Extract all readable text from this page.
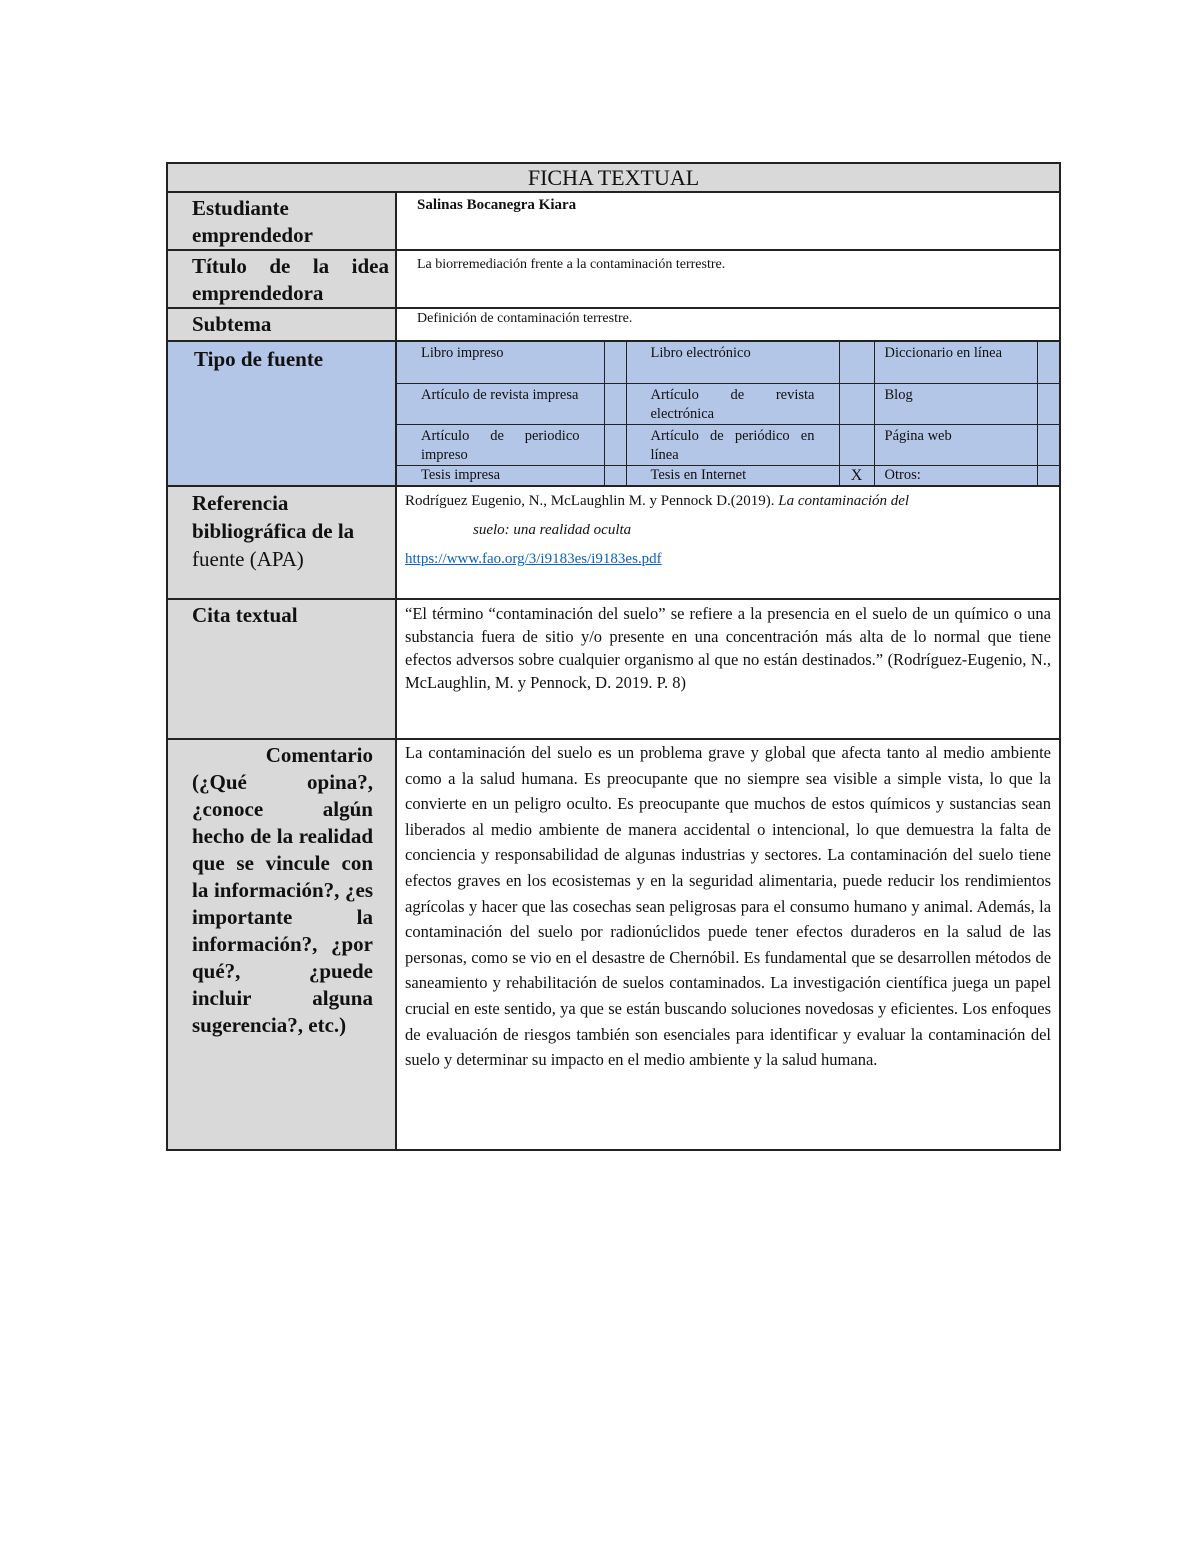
FICHA TEXTUAL

Estudiante
emprendedor
	Salinas Bocanegra Kiara

Título de la idea
emprendedora
	La biorremediación frente a la contaminación terrestre.
Subtema	Definición de contaminación terrestre.
Tipo de fuente		Libro impreso		Libro electrónico		Diccionario en línea	
Artículo de revista impresa		Artículo de revista electrónica		Blog	
Artículo de periodico impreso		Artículo de periódico en línea		Página web	
Tesis impresa		Tesis en Internet	X	Otros:	

Referencia
bibliográfica de la
fuente (APA)

Rodríguez Eugenio, N., McLaughlin M. y Pennock D.(2019). La contaminación del
suelo: una realidad oculta
https://www.fao.org/3/i9183es/i9183es.pdf

Cita textual	“El término “contaminación del suelo” se refiere a la presencia en el suelo de un químico o una substancia fuera de sitio y/o presente en una concentración más alta de lo normal que tiene efectos adversos sobre cualquier organismo al que no están destinados.” (Rodríguez-Eugenio, N., McLaughlin, M. y Pennock, D. 2019. P. 8)

Comentario
(¿Qué opina?, ¿conoce algún hecho de la realidad que se vincule con la información?, ¿es importante la información?, ¿por qué?, ¿puede incluir alguna sugerencia?, etc.)
	La contaminación del suelo es un problema grave y global que afecta tanto al medio ambiente como a la salud humana. Es preocupante que no siempre sea visible a simple vista, lo que la convierte en un peligro oculto. Es preocupante que muchos de estos químicos y sustancias sean liberados al medio ambiente de manera accidental o intencional, lo que demuestra la falta de conciencia y responsabilidad de algunas industrias y sectores. La contaminación del suelo tiene efectos graves en los ecosistemas y en la seguridad alimentaria, puede reducir los rendimientos agrícolas y hacer que las cosechas sean peligrosas para el consumo humano y animal. Además, la contaminación del suelo por radionúclidos puede tener efectos duraderos en la salud de las personas, como se vio en el desastre de Chernóbil. Es fundamental que se desarrollen métodos de saneamiento y rehabilitación de suelos contaminados. La investigación científica juega un papel crucial en este sentido, ya que se están buscando soluciones novedosas y eficientes. Los enfoques de evaluación de riesgos también son esenciales para identificar y evaluar la contaminación del suelo y determinar su impacto en el medio ambiente y la salud humana.
